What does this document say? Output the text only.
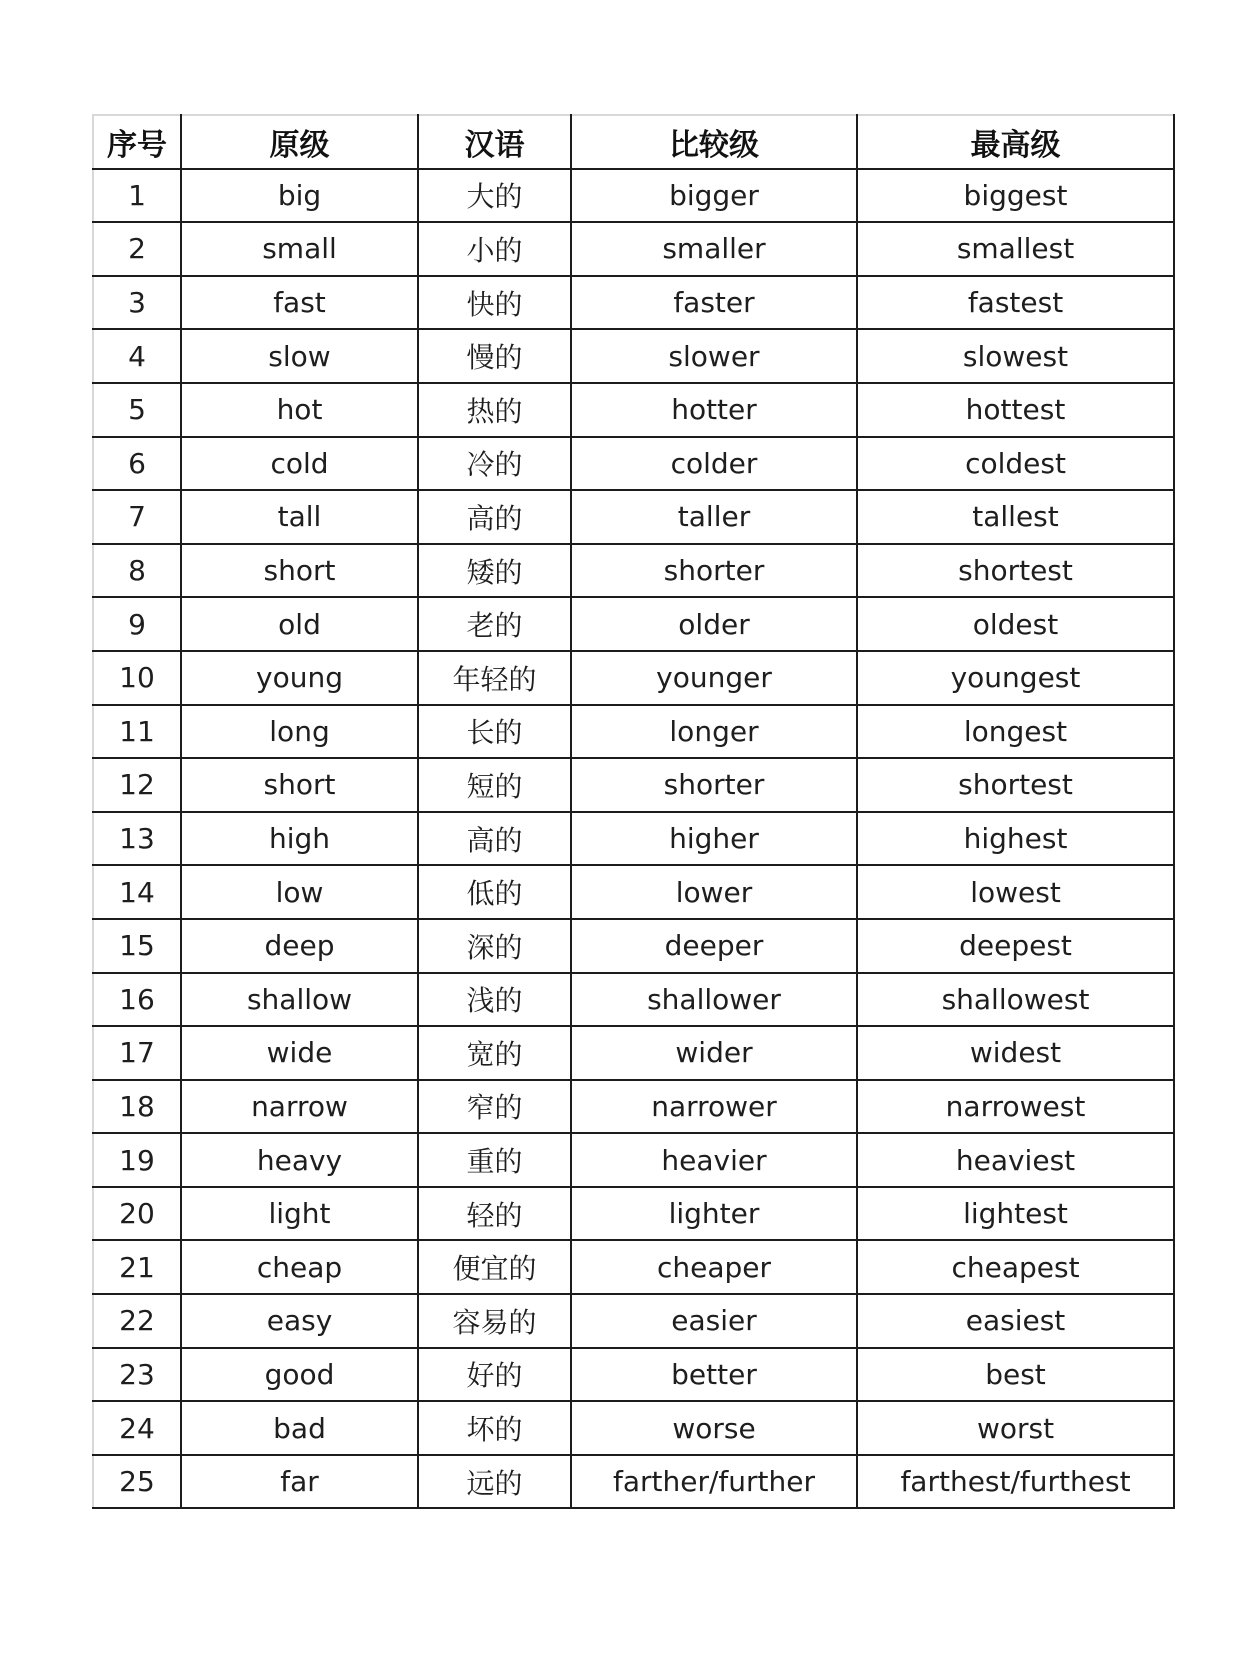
序号	原级	汉语	比较级	最高级
1	big	大的	bigger	biggest
2	small	小的	smaller	smallest
3	fast	快的	faster	fastest
4	slow	慢的	slower	slowest
5	hot	热的	hotter	hottest
6	cold	冷的	colder	coldest
7	tall	高的	taller	tallest
8	short	矮的	shorter	shortest
9	old	老的	older	oldest
10	young	年轻的	younger	youngest
11	long	长的	longer	longest
12	short	短的	shorter	shortest
13	high	高的	higher	highest
14	low	低的	lower	lowest
15	deep	深的	deeper	deepest
16	shallow	浅的	shallower	shallowest
17	wide	宽的	wider	widest
18	narrow	窄的	narrower	narrowest
19	heavy	重的	heavier	heaviest
20	light	轻的	lighter	lightest
21	cheap	便宜的	cheaper	cheapest
22	easy	容易的	easier	easiest
23	good	好的	better	best
24	bad	坏的	worse	worst
25	far	远的	farther/further	farthest/furthest
